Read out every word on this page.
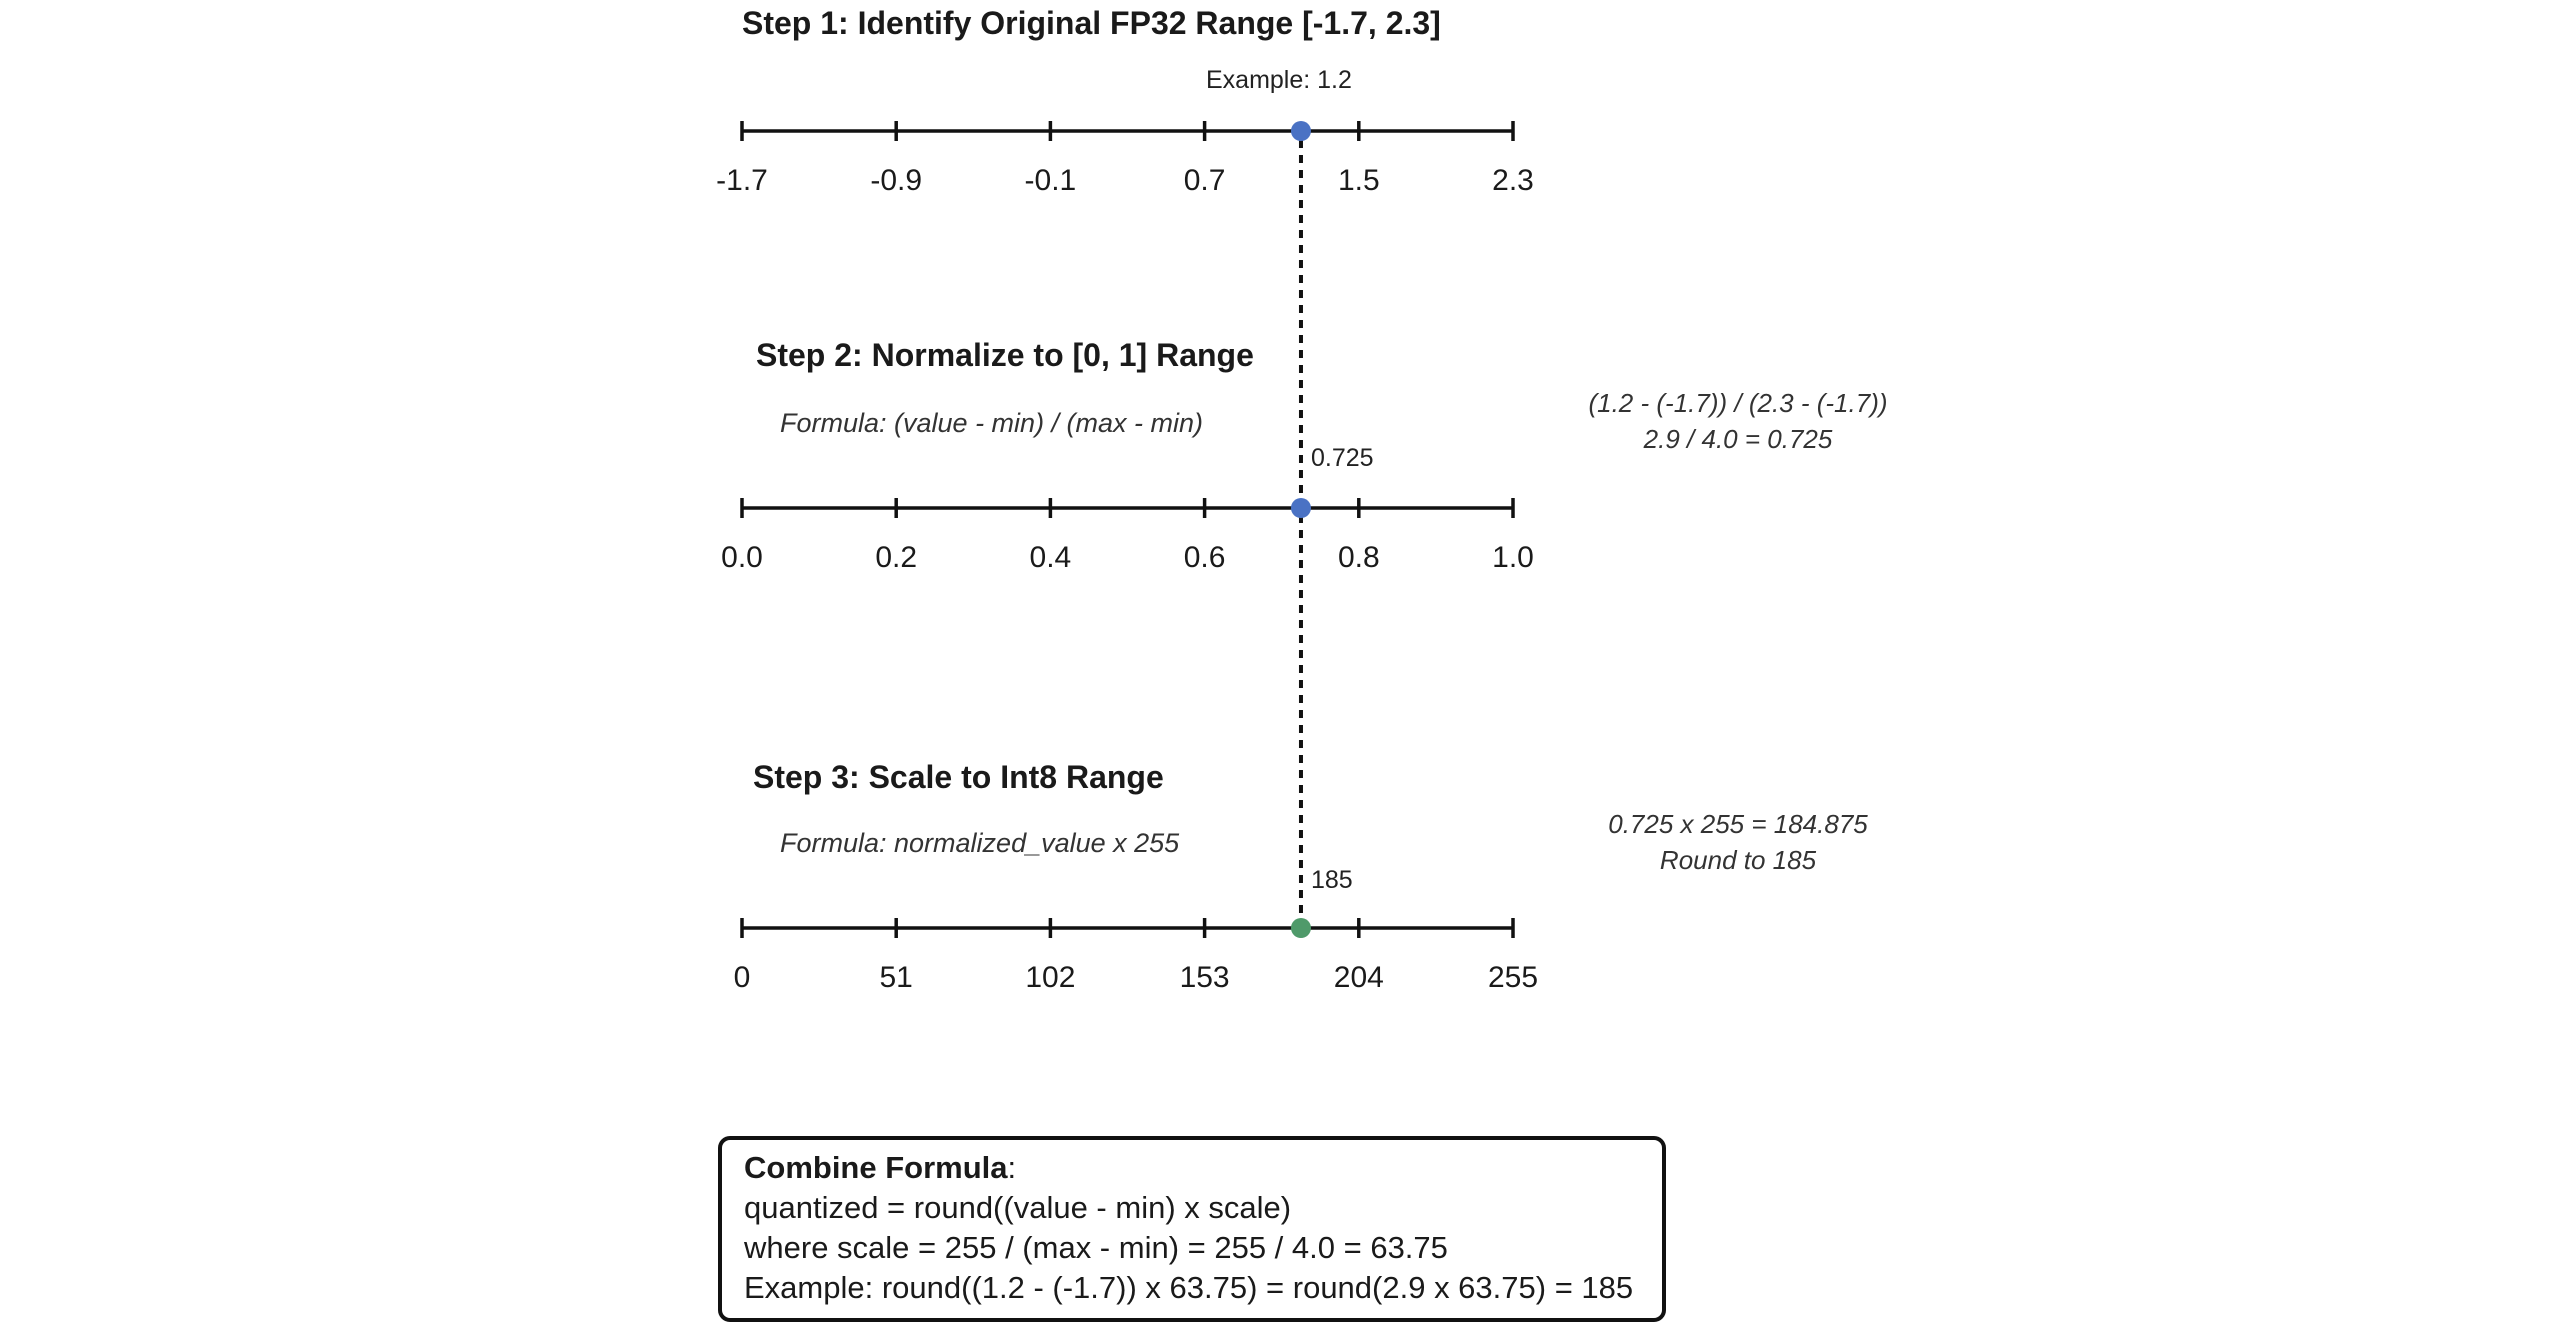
Step 1: Identify Original FP32 Range [-1.7, 2.3]
-1.7	-0.9	-0.1	0.7	1.5	2.3
Example: 1.2
Step 2: Normalize to [0, 1] Range
Formula: (value - min) / (max - min)
0.0	0.2	0.4	0.6	0.8	1.0
0.725
(1.2 - (-1.7)) / (2.3 - (-1.7))
2.9 / 4.0 = 0.725
Step 3: Scale to Int8 Range
Formula: normalized_value x 255
0	51	102	153	204	255
185
0.725 x 255 = 184.875
Round to 185
Combine Formula:
quantized = round((value - min) x scale)
where scale = 255 / (max - min) = 255 / 4.0 = 63.75
Example: round((1.2 - (-1.7)) x 63.75) = round(2.9 x 63.75) = 185
